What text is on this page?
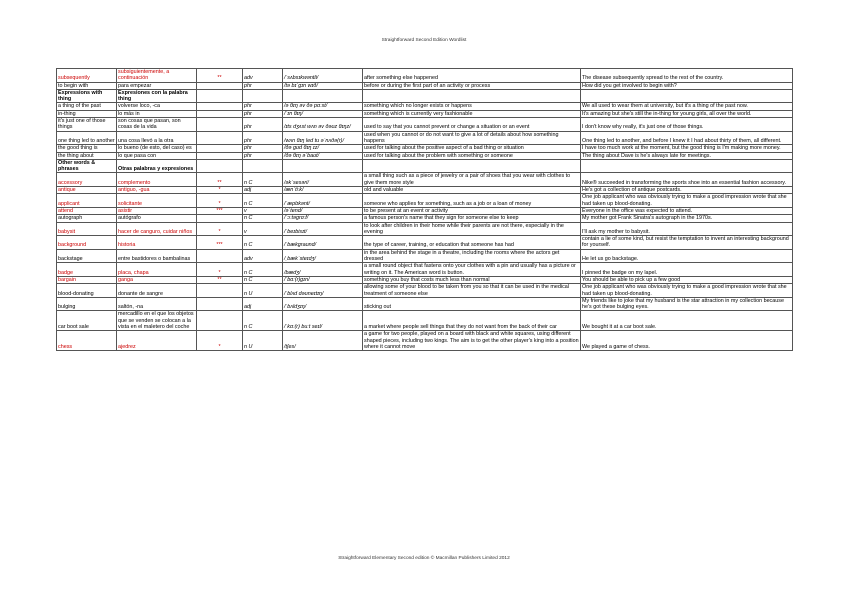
Straightforward Second Edition Wordlist
subsequently	subsiguientemente, a continuación	**	adv	/ˈsʌbsɪkwəntli/	after something else happened	The disease subsequently spread to the rest of the country.
to begin with	para empezar		phr	/tə bɪˈɡɪn wɪð/	before or during the first part of an activity or process	How did you get involved to begin with?
Expressions with thing	Expresiones con la palabra thing					
a thing of the past	volverse loco, -ca		phr	/ə θɪŋ əv ðə pɑːst/	something which no longer exists or happens	We all used to wear them at university, but it's a thing of the past now.
in-thing	lo más in		phr	/ˈɪn θɪŋ/	something which is currently very fashionable	It's amazing but she's still the in-thing for young girls, all over the world.
it's just one of those things	son cosas que pasan, son cosas de la vida		phr	/ɪts dʒʌst wʌn əv ðəʊz θɪŋz/	used to say that you cannot prevent or change a situation or an event	I don't know why really, it's just one of those things.
one thing led to another	una cosa llevó a la otra		phr	/wʌn θɪŋ led tu əˈnʌðə(r)/	used when you cannot or do not want to give a lot of details about how something happens	One thing led to another, and before I knew it I had about thirty of them, all different.
the good thing is	lo bueno (de esto, del caso) es		phr	/ðə ɡʊd θɪŋ ɪz/	used for talking about the positive aspect of a bad thing or situation	I have too much work at the moment, but the good thing is I'm making more money.
the thing about	lo que pasa con		phr	/ðə θɪŋ əˈbaʊt/	used for talking about the problem with something or someone	The thing about Dave is he's always late for meetings.
Other words & phrases	Otras palabras y expresiones					
accessory	complemento	**	n C	/əkˈsesəri/	a small thing such as a piece of jewelry or a pair of shoes that you wear with clothes to give them more style	Nike® succeeded in transforming the sports shoe into an essential fashion accessory.
antique	antiguo, -gua	*	adj	/ænˈtiːk/	old and valuable	He's got a collection of antique postcards.
applicant	solicitante	*	n C	/ˈæplɪkənt/	someone who applies for something, such as a job or a loan of money	One job applicant who was obviously trying to make a good impression wrote that she had taken up blood-donating.
attend	asistir	***	v	/əˈtend/	to be present at an event or activity	Everyone in the office was expected to attend.
autograph	autógrafo		n C	/ˈɔːtəɡrɑːf/	a famous person's name that they sign for someone else to keep	My mother got Frank Sinatra's autograph in the 1970s.
babysit	hacer de canguro, cuidar niños	*	v	/ˈbeɪbisɪt/	to look after children in their home while their parents are not there, especially in the evening	I'll ask my mother to babysit.
background	historia	***	n C	/ˈbækɡraʊnd/	the type of career, training, or education that someone has had	contain a lie of some kind, but resist the temptation to invent an interesting background for yourself.
backstage	entre bastidores o bambalinas		adv	/ˌbækˈsteɪdʒ/	in the area behind the stage in a theatre, including the rooms where the actors get dressed	He let us go backstage.
badge	placa, chapa	*	n C	/bædʒ/	a small round object that fastens onto your clothes with a pin and usually has a picture or writing on it. The American word is button.	I pinned the badge on my lapel.
bargain	ganga	**	n C	/ˈbɑː(r)ɡɪn/	something you buy that costs much less than normal	You should be able to pick up a few good
blood-donating	donante de sangre		n U	/ˈblʌd dəʊneɪtɪŋ/	allowing some of your blood to be taken from you so that it can be used in the medical treatment of someone else	One job applicant who was obviously trying to make a good impression wrote that she had taken up blood-donating.
bulging	saltón, -na		adj	/ˈbʌldʒɪŋ/	sticking out	My friends like to joke that my husband is the star attraction in my collection because he's got these bulging eyes.
car boot sale	mercadillo en el que los objetos que se venden se colocan a la vista en el maletero del coche		n C	/ˈkɑː(r) buːt seɪl/	a market where people sell things that they do not want from the back of their car	We bought it at a car boot sale.
chess	ajedrez	*	n U	/tʃes/	a game for two people, played on a board with black and white squares, using different shaped pieces, including two kings. The aim is to get the other player's king into a position where it cannot move	We played a game of chess.
Straightforward Elementary Second edition © Macmillan Publishers Limited 2012
